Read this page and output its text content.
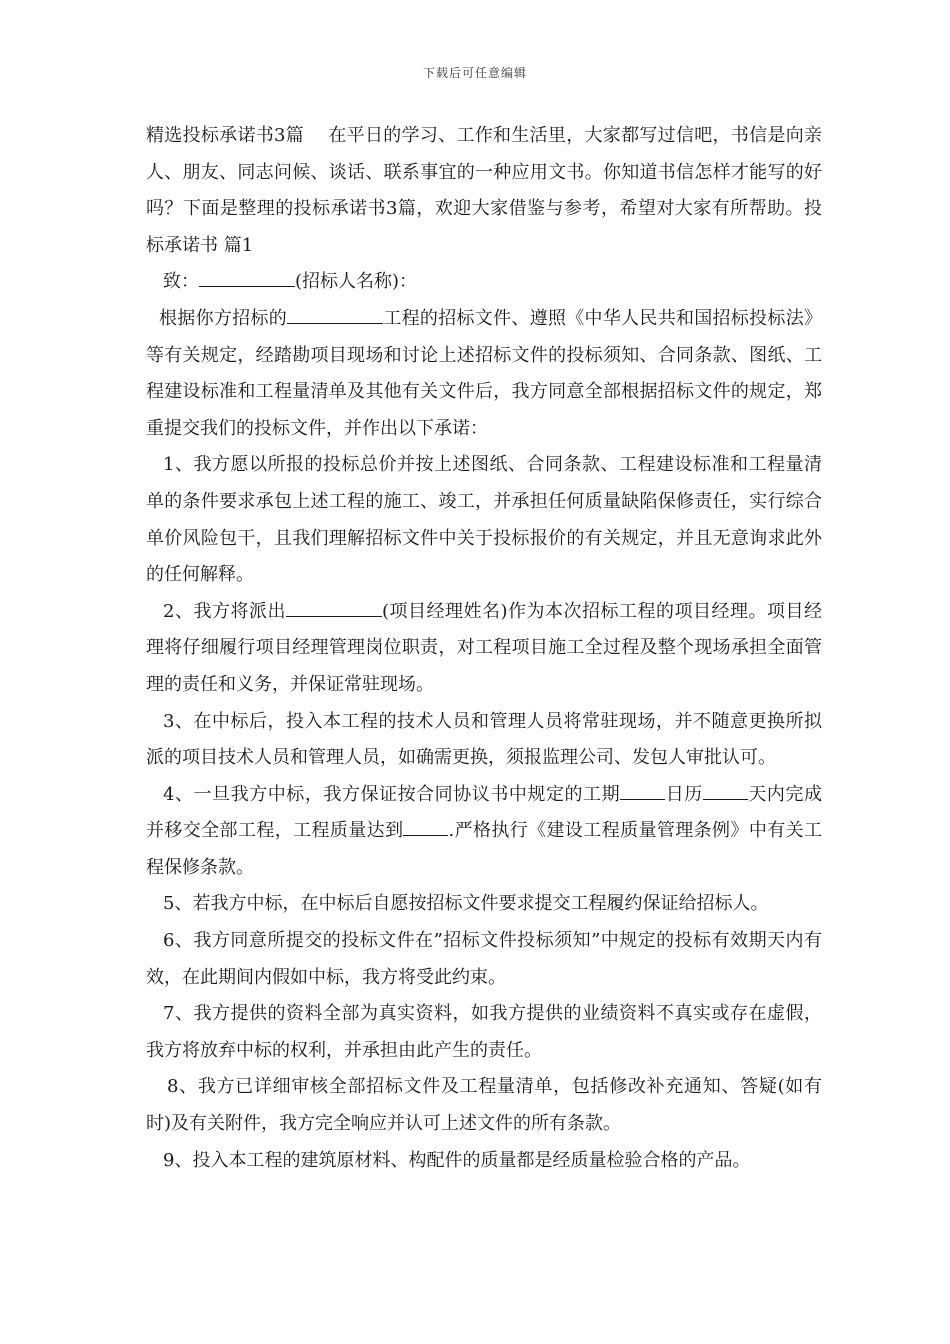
下载后可任意编辑

精选投标承诺书3篇　 在平日的学习、工作和生活里，大家都写过信吧，书信是向亲人、朋友、同志问候、谈话、联系事宜的一种应用文书。你知道书信怎样才能写的好吗？下面是整理的投标承诺书3篇，欢迎大家借鉴与参考，希望对大家有所帮助。投标承诺书 篇1

致：	(招标人名称)：

根据你方招标的	工程的招标文件、遵照《中华人民共和国招标投标法》等有关规定，经踏勘项目现场和讨论上述招标文件的投标须知、合同条款、图纸、工程建设标准和工程量清单及其他有关文件后，我方同意全部根据招标文件的规定，郑重提交我们的投标文件，并作出以下承诺：

1、我方愿以所报的投标总价并按上述图纸、合同条款、工程建设标准和工程量清单的条件要求承包上述工程的施工、竣工，并承担任何质量缺陷保修责任，实行综合单价风险包干，且我们理解招标文件中关于投标报价的有关规定，并且无意询求此外的任何解释。

2、我方将派出	(项目经理姓名)作为本次招标工程的项目经理。项目经理将仔细履行项目经理管理岗位职责，对工程项目施工全过程及整个现场承担全面管理的责任和义务，并保证常驻现场。

3、在中标后，投入本工程的技术人员和管理人员将常驻现场，并不随意更换所拟派的项目技术人员和管理人员，如确需更换，须报监理公司、发包人审批认可。

4、一旦我方中标，我方保证按合同协议书中规定的工期	日历	天内完成并移交全部工程，工程质量达到	.严格执行《建设工程质量管理条例》中有关工程保修条款。

5、若我方中标，在中标后自愿按招标文件要求提交工程履约保证给招标人。

6、我方同意所提交的投标文件在”招标文件投标须知”中规定的投标有效期天内有效，在此期间内假如中标，我方将受此约束。

7、我方提供的资料全部为真实资料，如我方提供的业绩资料不真实或存在虚假，我方将放弃中标的权利，并承担由此产生的责任。

8、我方已详细审核全部招标文件及工程量清单，包括修改补充通知、答疑(如有时)及有关附件，我方完全响应并认可上述文件的所有条款。

9、投入本工程的建筑原材料、构配件的质量都是经质量检验合格的产品。
